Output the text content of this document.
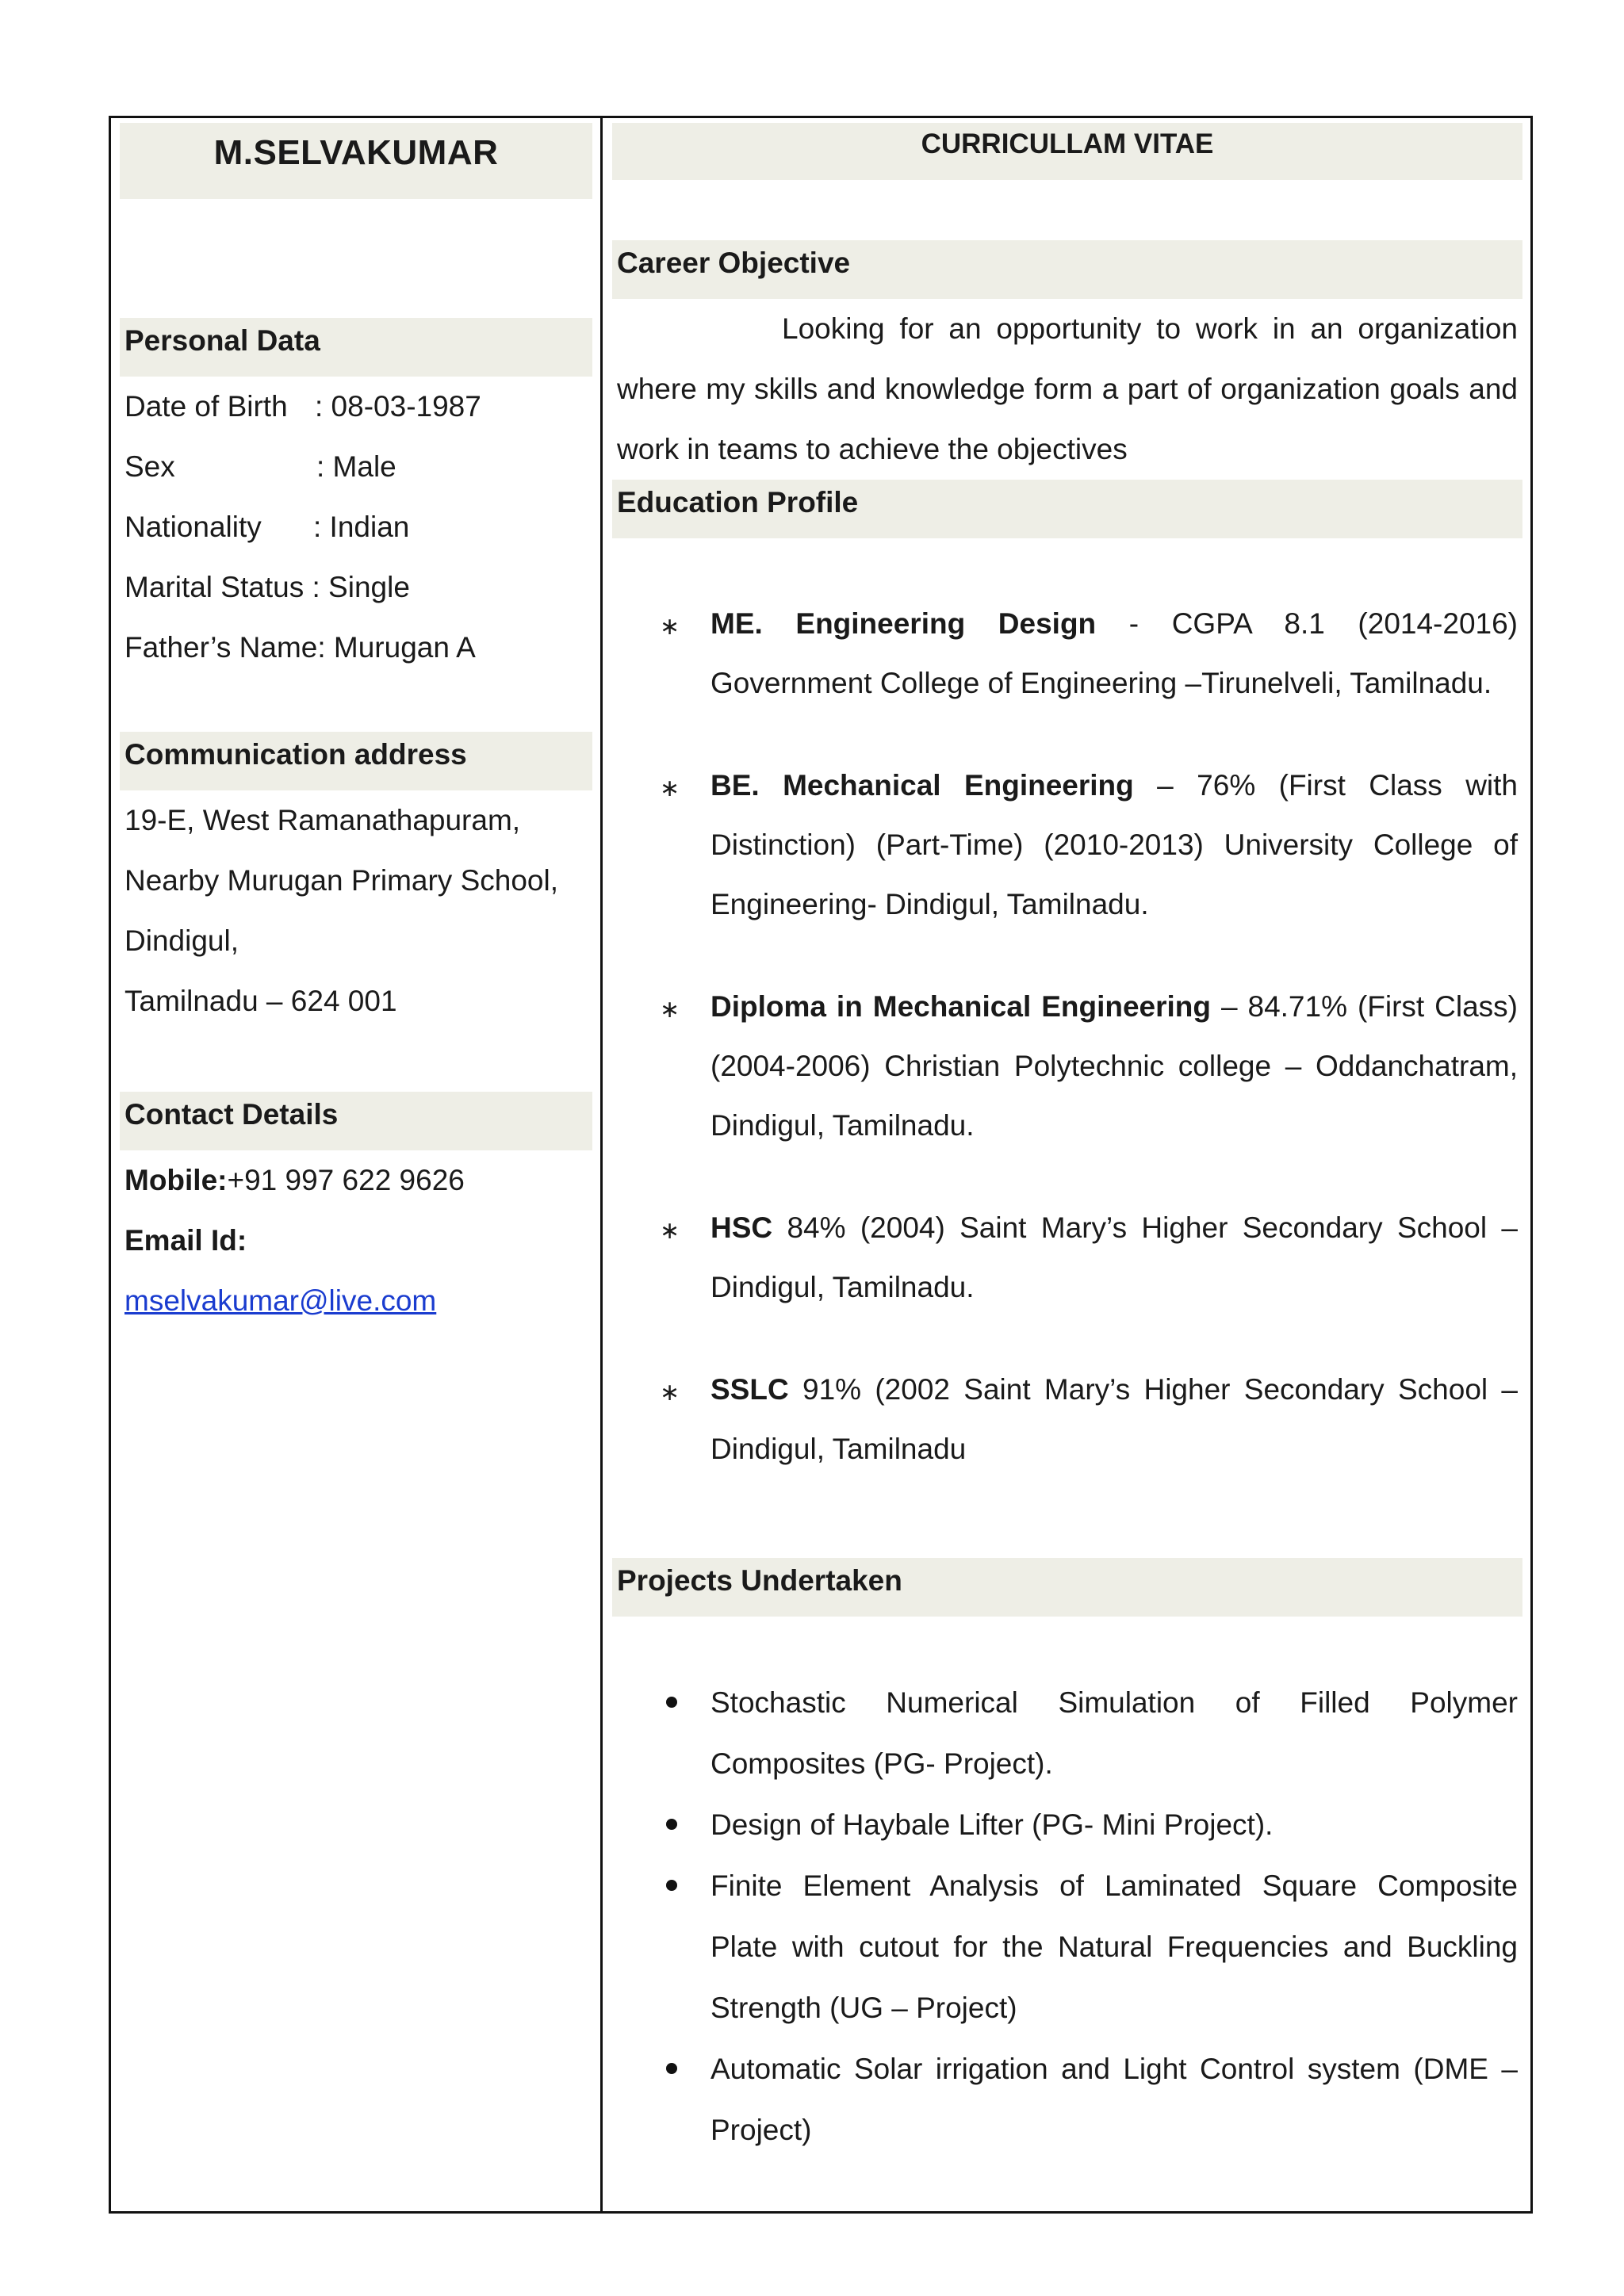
M.SELVAKUMAR
Personal Data
Date of Birth : 08-03-1987
Sex	: Male
Nationality : Indian
Marital Status : Single
Father’s Name: Murugan A
Communication address
19-E, West Ramanathapuram,
Nearby Murugan Primary School,
Dindigul,
Tamilnadu – 624 001
Contact Details
Mobile:+91 997 622 9626
Email Id:
mselvakumar@live.com
CURRICULLAM VITAE
Career Objective
Looking for an opportunity to work in an organization where my skills and knowledge form a part of organization goals and work in teams to achieve the objectives
Education Profile
∗ ME. Engineering Design - CGPA 8.1 (2014-2016) Government College of Engineering –Tirunelveli, Tamilnadu.
∗ BE. Mechanical Engineering – 76% (First Class with Distinction) (Part-Time) (2010-2013) University College of Engineering- Dindigul, Tamilnadu.
∗ Diploma in Mechanical Engineering – 84.71% (First Class) (2004-2006) Christian Polytechnic college – Oddanchatram, Dindigul, Tamilnadu.
∗ HSC 84% (2004) Saint Mary’s Higher Secondary School – Dindigul, Tamilnadu.
∗ SSLC 91% (2002 Saint Mary’s Higher Secondary School – Dindigul, Tamilnadu
Projects Undertaken
Stochastic Numerical Simulation of Filled Polymer Composites (PG- Project).
Design of Haybale Lifter (PG- Mini Project).
Finite Element Analysis of Laminated Square Composite Plate with cutout for the Natural Frequencies and Buckling Strength (UG – Project)
Automatic Solar irrigation and Light Control system (DME – Project)
